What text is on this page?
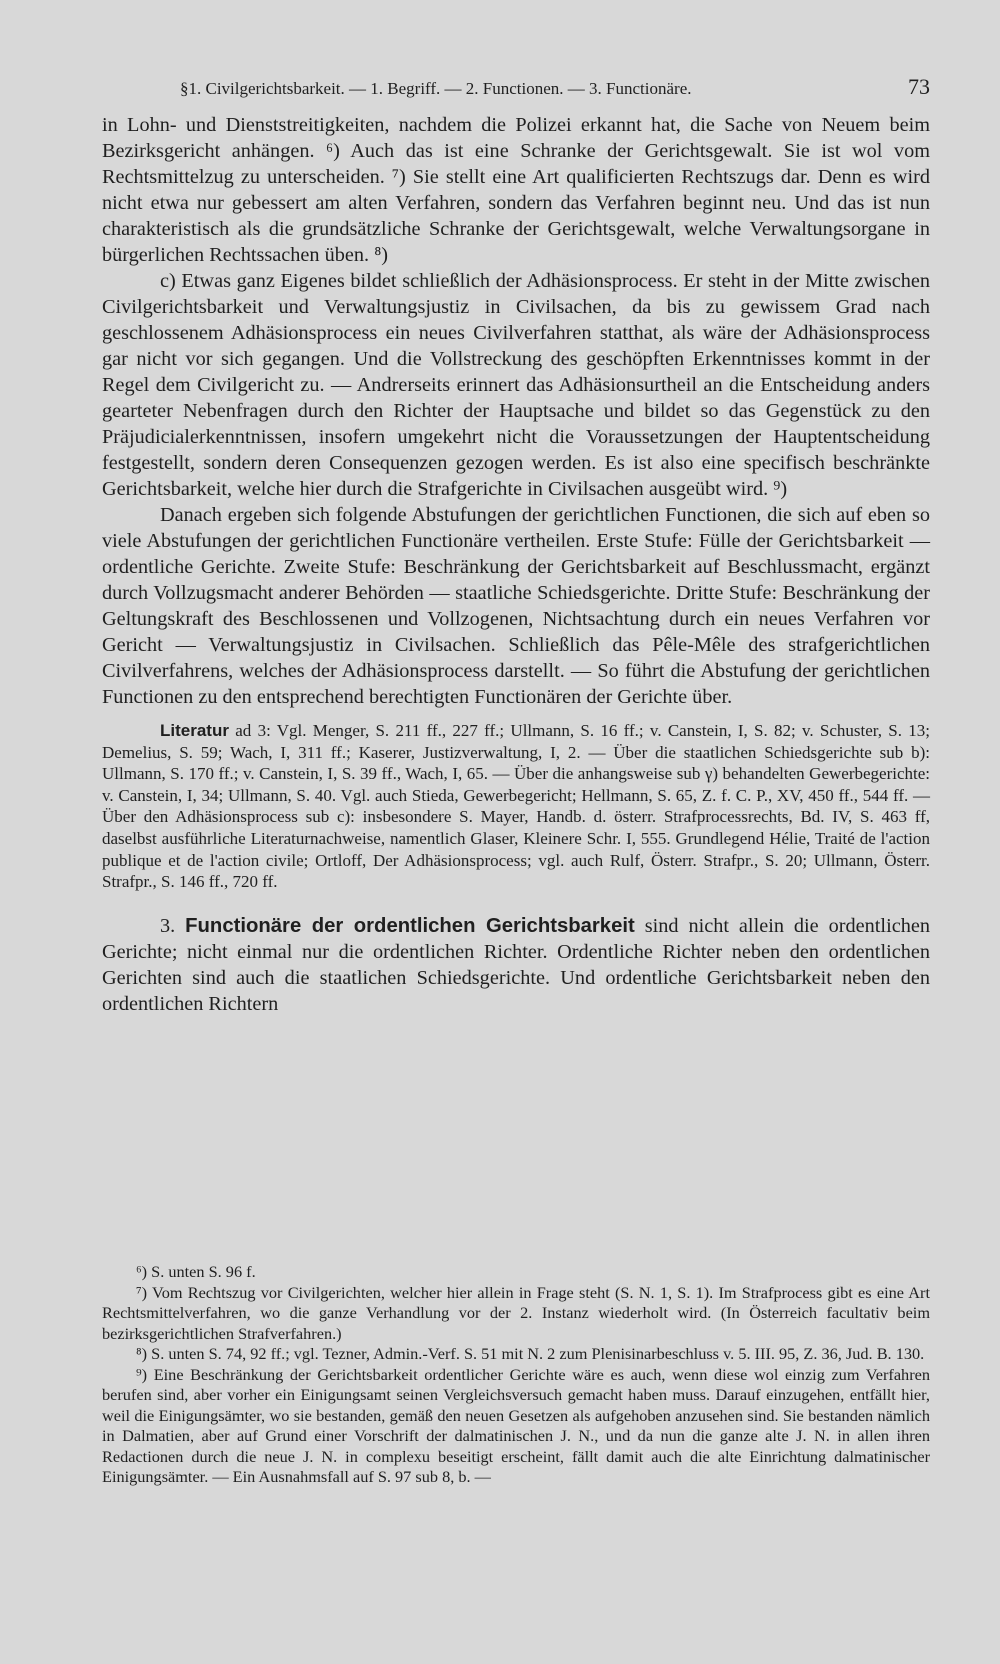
§1. Civilgerichtsbarkeit. — 1. Begriff. — 2. Functionen. — 3. Functionäre.	73

in Lohn- und Dienststreitigkeiten, nachdem die Polizei erkannt hat, die Sache von Neuem beim Bezirksgericht anhängen. ⁶) Auch das ist eine Schranke der Gerichtsgewalt. Sie ist wol vom Rechtsmittelzug zu unterscheiden. ⁷) Sie stellt eine Art qualificierten Rechtszugs dar. Denn es wird nicht etwa nur gebessert am alten Verfahren, sondern das Verfahren beginnt neu. Und das ist nun charakteristisch als die grundsätzliche Schranke der Gerichtsgewalt, welche Verwaltungsorgane in bürgerlichen Rechtssachen üben. ⁸)

c) Etwas ganz Eigenes bildet schließlich der Adhäsionsprocess. Er steht in der Mitte zwischen Civilgerichtsbarkeit und Verwaltungsjustiz in Civilsachen, da bis zu gewissem Grad nach geschlossenem Adhäsionsprocess ein neues Civilverfahren statthat, als wäre der Adhäsionsprocess gar nicht vor sich gegangen. Und die Vollstreckung des geschöpften Erkenntnisses kommt in der Regel dem Civilgericht zu. — Andrerseits erinnert das Adhäsionsurtheil an die Entscheidung anders gearteter Nebenfragen durch den Richter der Hauptsache und bildet so das Gegenstück zu den Präjudicialerkenntnissen, insofern umgekehrt nicht die Voraussetzungen der Hauptentscheidung festgestellt, sondern deren Consequenzen gezogen werden. Es ist also eine specifisch beschränkte Gerichtsbarkeit, welche hier durch die Strafgerichte in Civilsachen ausgeübt wird. ⁹)

Danach ergeben sich folgende Abstufungen der gerichtlichen Functionen, die sich auf eben so viele Abstufungen der gerichtlichen Functionäre vertheilen. Erste Stufe: Fülle der Gerichtsbarkeit — ordentliche Gerichte. Zweite Stufe: Beschränkung der Gerichtsbarkeit auf Beschlussmacht, ergänzt durch Vollzugsmacht anderer Behörden — staatliche Schiedsgerichte. Dritte Stufe: Beschränkung der Geltungskraft des Beschlossenen und Vollzogenen, Nichtsachtung durch ein neues Verfahren vor Gericht — Verwaltungsjustiz in Civilsachen. Schließlich das Pêle-Mêle des strafgerichtlichen Civilverfahrens, welches der Adhäsionsprocess darstellt. — So führt die Abstufung der gerichtlichen Functionen zu den entsprechend berechtigten Functionären der Gerichte über.

Literatur ad 3: Vgl. Menger, S. 211 ff., 227 ff.; Ullmann, S. 16 ff.; v. Canstein, I, S. 82; v. Schuster, S. 13; Demelius, S. 59; Wach, I, 311 ff.; Kaserer, Justizverwaltung, I, 2. — Über die staatlichen Schiedsgerichte sub b): Ullmann, S. 170 ff.; v. Canstein, I, S. 39 ff., Wach, I, 65. — Über die anhangsweise sub γ) behandelten Gewerbegerichte: v. Canstein, I, 34; Ullmann, S. 40. Vgl. auch Stieda, Gewerbegericht; Hellmann, S. 65, Z. f. C. P., XV, 450 ff., 544 ff. — Über den Adhäsionsprocess sub c): insbesondere S. Mayer, Handb. d. österr. Strafprocessrechts, Bd. IV, S. 463 ff, daselbst ausführliche Literaturnachweise, namentlich Glaser, Kleinere Schr. I, 555. Grundlegend Hélie, Traité de l'action publique et de l'action civile; Ortloff, Der Adhäsionsprocess; vgl. auch Rulf, Österr. Strafpr., S. 20; Ullmann, Österr. Strafpr., S. 146 ff., 720 ff.

3. Functionäre der ordentlichen Gerichtsbarkeit sind nicht allein die ordentlichen Gerichte; nicht einmal nur die ordentlichen Richter. Ordentliche Richter neben den ordentlichen Gerichten sind auch die staatlichen Schiedsgerichte. Und ordentliche Gerichtsbarkeit neben den ordentlichen Richtern

⁶) S. unten S. 96 f.

⁷) Vom Rechtszug vor Civilgerichten, welcher hier allein in Frage steht (S. N. 1, S. 1). Im Strafprocess gibt es eine Art Rechtsmittelverfahren, wo die ganze Verhandlung vor der 2. Instanz wiederholt wird. (In Österreich facultativ beim bezirksgerichtlichen Strafverfahren.)

⁸) S. unten S. 74, 92 ff.; vgl. Tezner, Admin.-Verf. S. 51 mit N. 2 zum Plenisinarbeschluss v. 5. III. 95, Z. 36, Jud. B. 130.

⁹) Eine Beschränkung der Gerichtsbarkeit ordentlicher Gerichte wäre es auch, wenn diese wol einzig zum Verfahren berufen sind, aber vorher ein Einigungsamt seinen Vergleichsversuch gemacht haben muss. Darauf einzugehen, entfällt hier, weil die Einigungsämter, wo sie bestanden, gemäß den neuen Gesetzen als aufgehoben anzusehen sind. Sie bestanden nämlich in Dalmatien, aber auf Grund einer Vorschrift der dalmatinischen J. N., und da nun die ganze alte J. N. in allen ihren Redactionen durch die neue J. N. in complexu beseitigt erscheint, fällt damit auch die alte Einrichtung dalmatinischer Einigungsämter. — Ein Ausnahmsfall auf S. 97 sub 8, b. —
